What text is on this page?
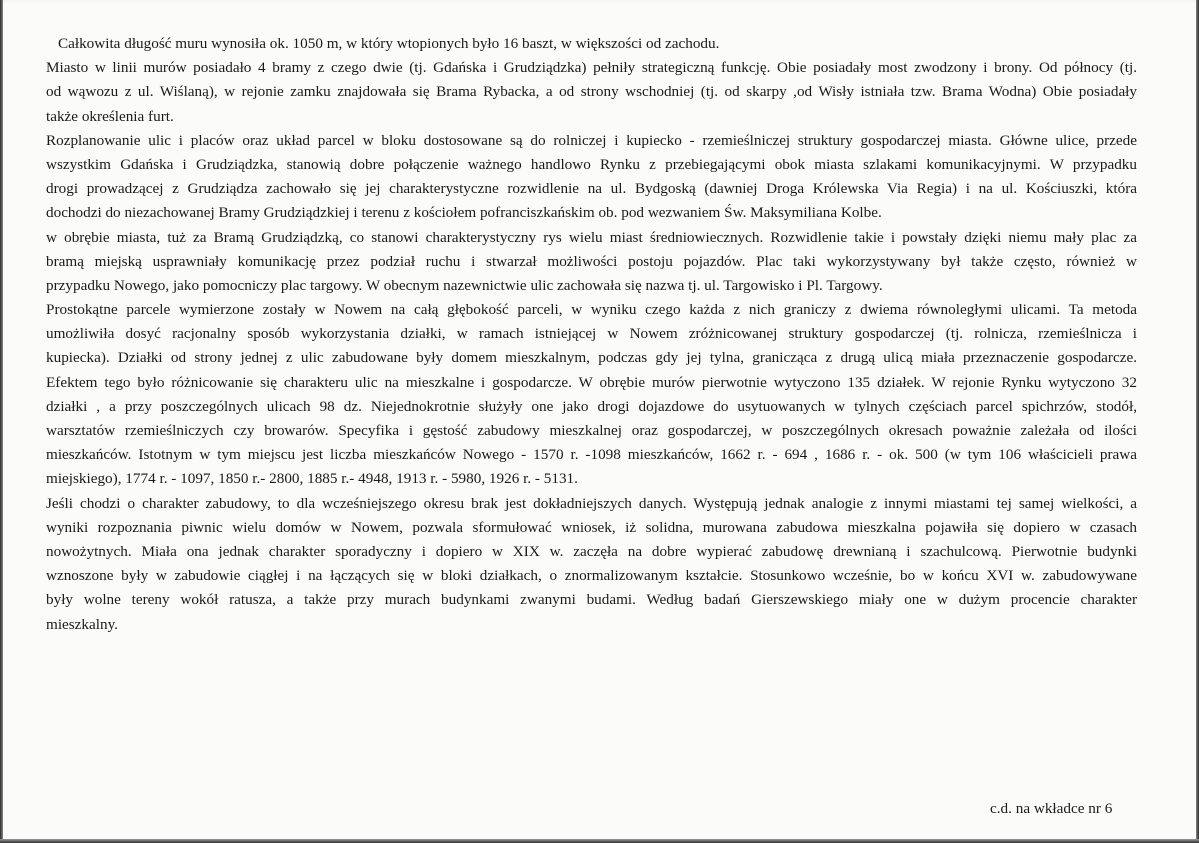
Całkowita długość muru wynosiła ok. 1050 m, w który wtopionych było 16 baszt, w większości od zachodu.
Miasto w linii murów posiadało 4 bramy z czego dwie (tj. Gdańska i Grudziądzka) pełniły strategiczną funkcję. Obie posiadały most zwodzony i brony. Od północy (tj.
od wąwozu z ul. Wiślaną), w rejonie zamku znajdowała się Brama Rybacka, a od strony wschodniej (tj. od skarpy ,od Wisły istniała tzw. Brama Wodna) Obie posiadały
także określenia furt.
Rozplanowanie ulic i placów oraz układ parcel w bloku dostosowane są do rolniczej i kupiecko - rzemieślniczej struktury gospodarczej miasta. Główne ulice, przede
wszystkim Gdańska i Grudziądzka, stanowią dobre połączenie ważnego handlowo Rynku z przebiegającymi obok miasta szlakami komunikacyjnymi. W przypadku
drogi prowadzącej z Grudziądza zachowało się jej charakterystyczne rozwidlenie na ul. Bydgoską (dawniej Droga Królewska Via Regia) i na ul. Kościuszki, która
dochodzi do niezachowanej Bramy Grudziądzkiej i terenu z kościołem pofranciszkańskim ob. pod wezwaniem Św. Maksymiliana Kolbe.
w obrębie miasta, tuż za Bramą Grudziądzką, co stanowi charakterystyczny rys wielu miast średniowiecznych. Rozwidlenie takie i powstały dzięki niemu mały plac za
bramą miejską usprawniały komunikację przez podział ruchu i stwarzał możliwości postoju pojazdów. Plac taki wykorzystywany był także często, również w
przypadku Nowego, jako pomocniczy plac targowy. W obecnym nazewnictwie ulic zachowała się nazwa tj. ul. Targowisko i Pl. Targowy.
Prostokątne parcele wymierzone zostały w Nowem na całą głębokość parceli, w wyniku czego każda z nich graniczy z dwiema równoległymi ulicami. Ta metoda
umożliwiła dosyć racjonalny sposób wykorzystania działki, w ramach istniejącej w Nowem zróżnicowanej struktury gospodarczej (tj. rolnicza, rzemieślnicza i
kupiecka). Działki od strony jednej z ulic zabudowane były domem mieszkalnym, podczas gdy jej tylna, granicząca z drugą ulicą miała przeznaczenie gospodarcze.
Efektem tego było różnicowanie się charakteru ulic na mieszkalne i gospodarcze. W obrębie murów pierwotnie wytyczono 135 działek. W rejonie Rynku wytyczono 32
działki , a przy poszczególnych ulicach 98 dz. Niejednokrotnie służyły one jako drogi dojazdowe do usytuowanych w tylnych częściach parcel spichrzów, stodół,
warsztatów rzemieślniczych czy browarów. Specyfika i gęstość zabudowy mieszkalnej oraz gospodarczej, w poszczególnych okresach poważnie zależała od ilości
mieszkańców. Istotnym w tym miejscu jest liczba mieszkańców Nowego - 1570 r. -1098 mieszkańców, 1662 r. - 694 , 1686 r. - ok. 500 (w tym 106 właścicieli prawa
miejskiego), 1774 r. - 1097, 1850 r.- 2800, 1885 r.- 4948, 1913 r. - 5980, 1926 r. - 5131.
Jeśli chodzi o charakter zabudowy, to dla wcześniejszego okresu brak jest dokładniejszych danych. Występują jednak analogie z innymi miastami tej samej wielkości, a
wyniki rozpoznania piwnic wielu domów w Nowem, pozwala sformułować wniosek, iż solidna, murowana zabudowa mieszkalna pojawiła się dopiero w czasach
nowożytnych. Miała ona jednak charakter sporadyczny i dopiero w XIX w. zaczęła na dobre wypierać zabudowę drewnianą i szachulcową. Pierwotnie budynki
wznoszone były w zabudowie ciągłej i na łączących się w bloki działkach, o znormalizowanym kształcie. Stosunkowo wcześnie, bo w końcu XVI w. zabudowywane
były wolne tereny wokół ratusza, a także przy murach budynkami zwanymi budami. Według badań Gierszewskiego miały one w dużym procencie charakter
mieszkalny.
c.d. na wkładce nr 6
